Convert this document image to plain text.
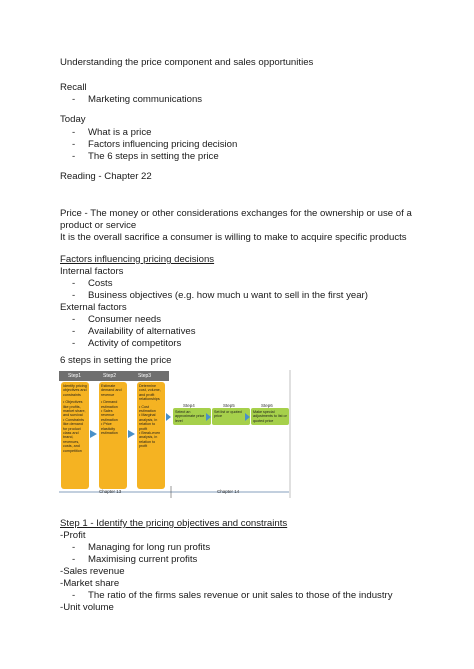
Understanding the price component and sales opportunities
Recall
- Marketing communications
Today
- What is a price
- Factors influencing pricing decision
- The 6 steps in setting the price
Reading - Chapter 22
Price - The money or other considerations exchanges for the ownership or use of a product or service
It is the overall sacrifice a consumer is willing to make to acquire specific products
Factors influencing pricing decisions
Internal factors
- Costs
- Business objectives (e.g. how much u want to sell in the first year)
External factors
- Consumer needs
- Availability of alternatives
- Activity of competitors
6 steps in setting the price
Step1	Step2	Step3
Identify pricing objectives and constraints
• Objectives like profits, market share, and survival
• Constraints like demand for product class and brand, revenues, costs, and competition
Estimate demand and revenue
• Demand estimation
• Sales revenue estimation
• Price elasticity estimation
Determine cost, volume, and profit relationships
• Cost estimation
• Marginal analysis, in relation to profit
• Break-even analysis, in relation to profit
Step4	Step5	Step6
Select an approximate price level
Set list or quoted price
Make special adjustments to list or quoted price
Chapter 13	Chapter 14
Step 1 - Identify the pricing objectives and constraints
-Profit
- Managing for long run profits
- Maximising current profits
-Sales revenue
-Market share
- The ratio of the firms sales revenue or unit sales to those of the industry
-Unit volume
